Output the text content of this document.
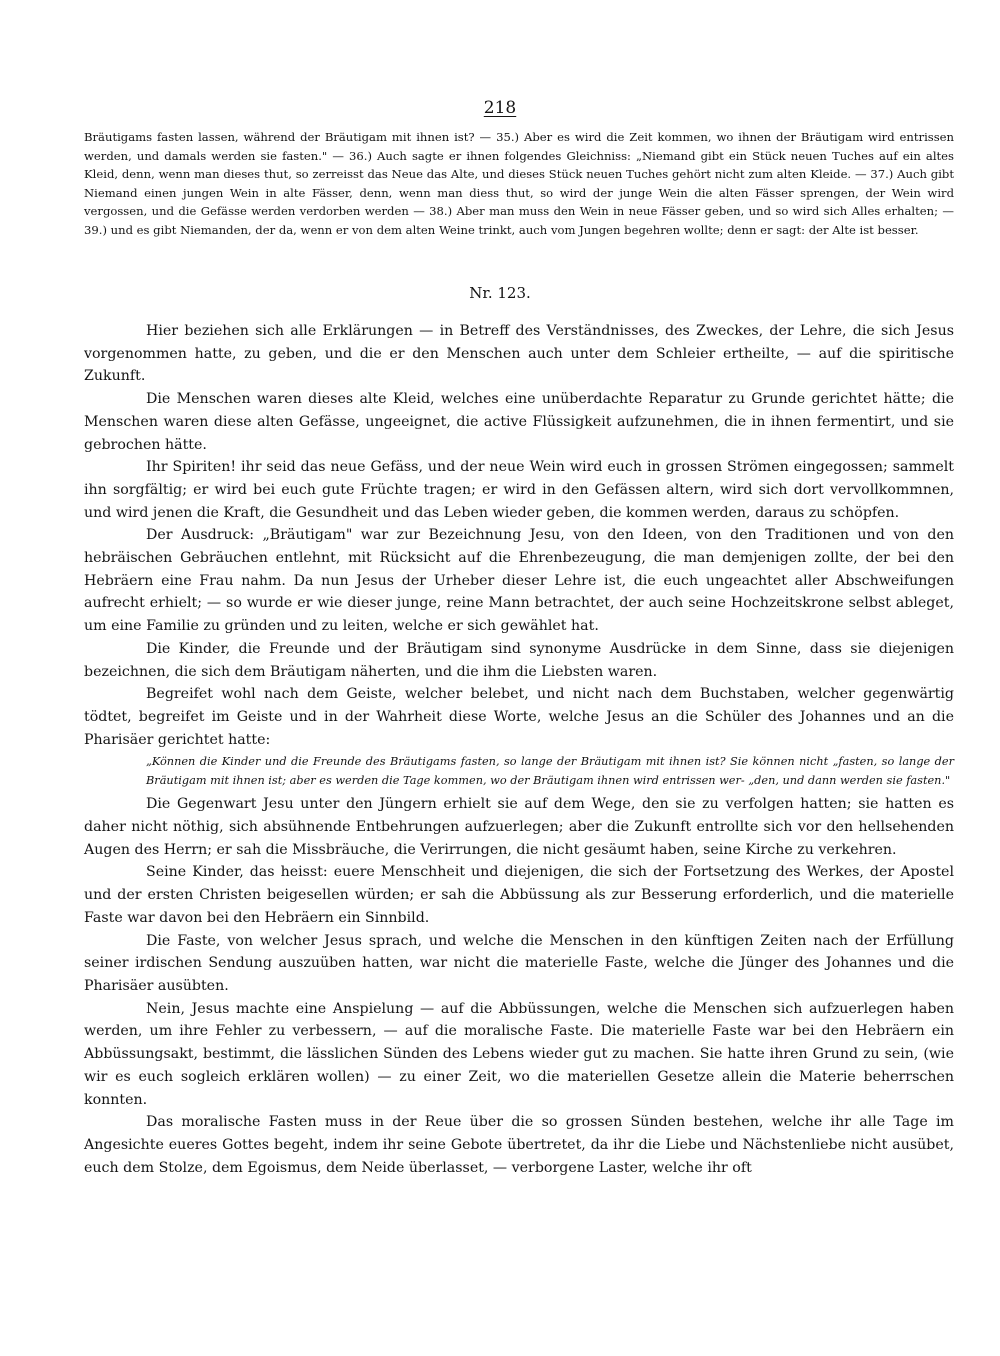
218
Bräutigams fasten lassen, während der Bräutigam mit ihnen ist? — 35.) Aber es wird die Zeit kommen, wo ihnen der Bräutigam wird entrissen werden, und damals werden sie fasten." — 36.) Auch sagte er ihnen folgendes Gleichniss: „Niemand gibt ein Stück neuen Tuches auf ein altes Kleid, denn, wenn man dieses thut, so zerreisst das Neue das Alte, und dieses Stück neuen Tuches gehört nicht zum alten Kleide. — 37.) Auch gibt Niemand einen jungen Wein in alte Fässer, denn, wenn man diess thut, so wird der junge Wein die alten Fässer sprengen, der Wein wird vergossen, und die Gefässe werden verdorben werden — 38.) Aber man muss den Wein in neue Fässer geben, und so wird sich Alles erhalten; — 39.) und es gibt Niemanden, der da, wenn er von dem alten Weine trinkt, auch vom Jungen begehren wollte; denn er sagt: der Alte ist besser.
Nr. 123.

Hier beziehen sich alle Erklärungen — in Betreff des Verständnisses, des Zweckes, der Lehre, die sich Jesus vorgenommen hatte, zu geben, und die er den Menschen auch unter dem Schleier ertheilte, — auf die spiritische Zukunft.

Die Menschen waren dieses alte Kleid, welches eine unüberdachte Reparatur zu Grunde gerichtet hätte; die Menschen waren diese alten Gefässe, ungeeignet, die active Flüssigkeit aufzunehmen, die in ihnen fermentirt, und sie gebrochen hätte.

Ihr Spiriten! ihr seid das neue Gefäss, und der neue Wein wird euch in grossen Strömen eingegossen; sammelt ihn sorgfältig; er wird bei euch gute Früchte tragen; er wird in den Gefässen altern, wird sich dort vervollkommnen, und wird jenen die Kraft, die Gesundheit und das Leben wieder geben, die kommen werden, daraus zu schöpfen.

Der Ausdruck: „Bräutigam" war zur Bezeichnung Jesu, von den Ideen, von den Traditionen und von den hebräischen Gebräuchen entlehnt, mit Rücksicht auf die Ehrenbezeugung, die man demjenigen zollte, der bei den Hebräern eine Frau nahm. Da nun Jesus der Urheber dieser Lehre ist, die euch ungeachtet aller Abschweifungen aufrecht erhielt; — so wurde er wie dieser junge, reine Mann betrachtet, der auch seine Hochzeitskrone selbst ableget, um eine Familie zu gründen und zu leiten, welche er sich gewählet hat.

Die Kinder, die Freunde und der Bräutigam sind synonyme Ausdrücke in dem Sinne, dass sie diejenigen bezeichnen, die sich dem Bräutigam näherten, und die ihm die Liebsten waren.

Begreifet wohl nach dem Geiste, welcher belebet, und nicht nach dem Buchstaben, welcher gegenwärtig tödtet, begreifet im Geiste und in der Wahrheit diese Worte, welche Jesus an die Schüler des Johannes und an die Pharisäer gerichtet hatte:

„Können die Kinder und die Freunde des Bräutigams fasten, so lange der Bräutigam mit ihnen ist? Sie können nicht „fasten, so lange der Bräutigam mit ihnen ist; aber es werden die Tage kommen, wo der Bräutigam ihnen wird entrissen wer- „den, und dann werden sie fasten."

Die Gegenwart Jesu unter den Jüngern erhielt sie auf dem Wege, den sie zu verfolgen hatten; sie hatten es daher nicht nöthig, sich absühnende Entbehrungen aufzuerlegen; aber die Zukunft entrollte sich vor den hellsehenden Augen des Herrn; er sah die Missbräuche, die Verirrungen, die nicht gesäumt haben, seine Kirche zu verkehren.

Seine Kinder, das heisst: euere Menschheit und diejenigen, die sich der Fortsetzung des Werkes, der Apostel und der ersten Christen beigesellen würden; er sah die Abbüssung als zur Besserung erforderlich, und die materielle Faste war davon bei den Hebräern ein Sinnbild.

Die Faste, von welcher Jesus sprach, und welche die Menschen in den künftigen Zeiten nach der Erfüllung seiner irdischen Sendung auszuüben hatten, war nicht die materielle Faste, welche die Jünger des Johannes und die Pharisäer ausübten.

Nein, Jesus machte eine Anspielung — auf die Abbüssungen, welche die Menschen sich aufzuerlegen haben werden, um ihre Fehler zu verbessern, — auf die moralische Faste. Die materielle Faste war bei den Hebräern ein Abbüssungsakt, bestimmt, die lässlichen Sünden des Lebens wieder gut zu machen. Sie hatte ihren Grund zu sein, (wie wir es euch sogleich erklären wollen) — zu einer Zeit, wo die materiellen Gesetze allein die Materie beherrschen konnten.

Das moralische Fasten muss in der Reue über die so grossen Sünden bestehen, welche ihr alle Tage im Angesichte eueres Gottes begeht, indem ihr seine Gebote übertretet, da ihr die Liebe und Nächstenliebe nicht ausübet, euch dem Stolze, dem Egoismus, dem Neide überlasset, — verborgene Laster, welche ihr oft
